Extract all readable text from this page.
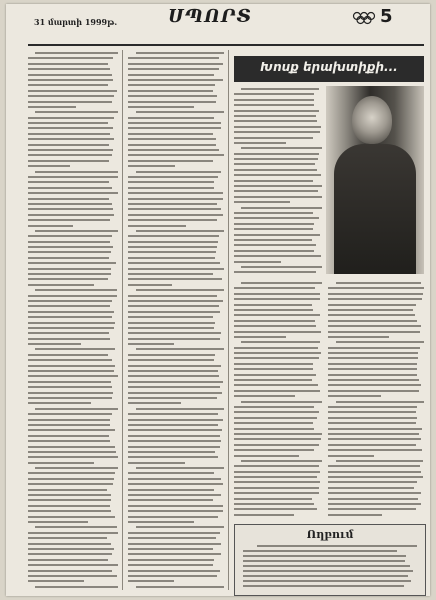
31 մարտի 1999թ.	ՍՊՈՐՏ	5
Խոսք երախտիքի...
Ողբում
